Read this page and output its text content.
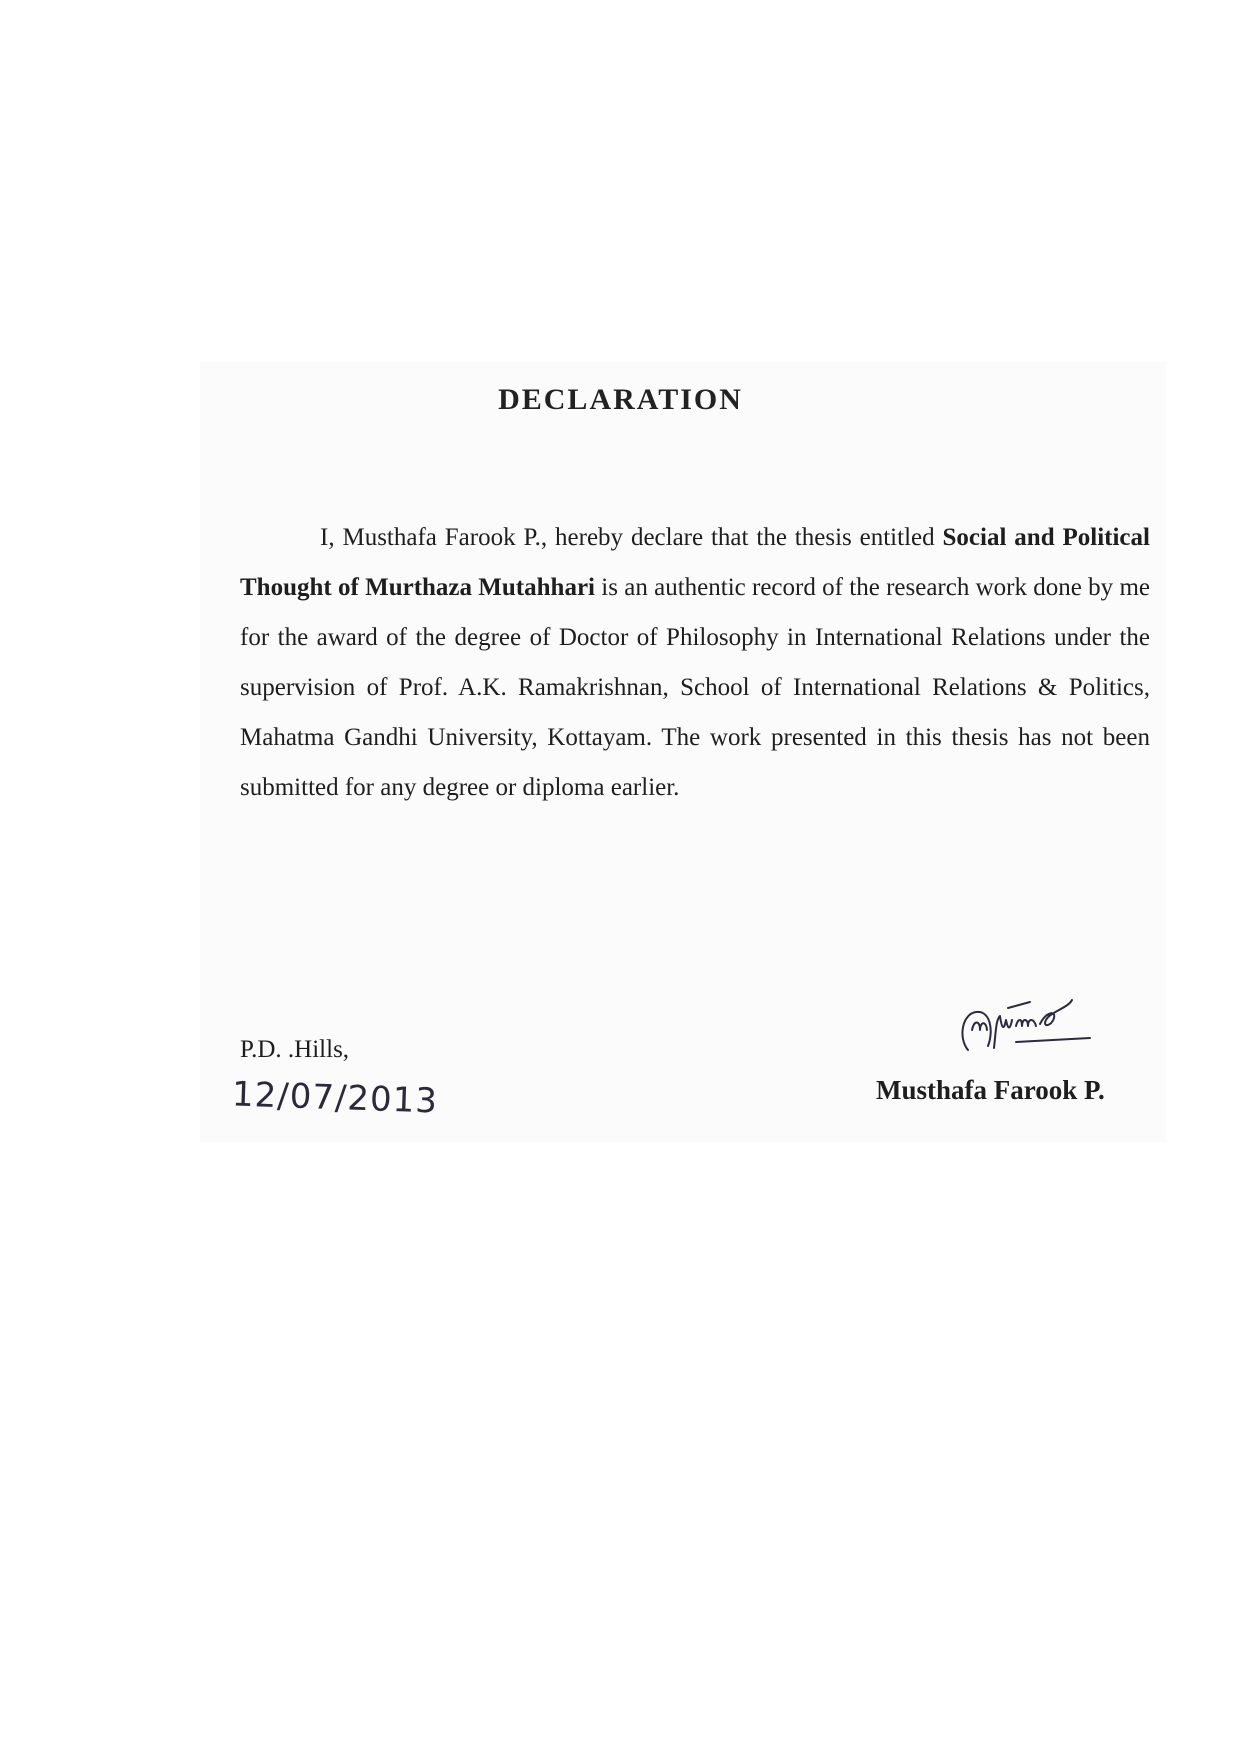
DECLARATION
I, Musthafa Farook P., hereby declare that the thesis entitled Social and Political Thought of Murthaza Mutahhari is an authentic record of the research work done by me for the award of the degree of Doctor of Philosophy in International Relations under the supervision of Prof. A.K. Ramakrishnan, School of International Relations & Politics, Mahatma Gandhi University, Kottayam. The work presented in this thesis has not been submitted for any degree or diploma earlier.
P.D. .Hills,
12/07/2013	Musthafa Farook P.
